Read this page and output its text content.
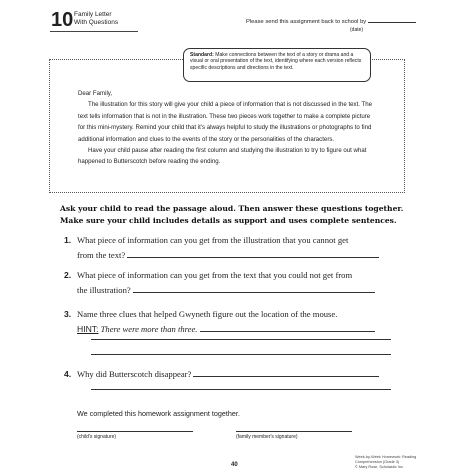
10 Family Letter
With Questions	Please send this assignment back to school by
(date)
Standard: Make connections between the text of a story or drama and a visual or oral presentation of the text, identifying where each version reflects specific descriptions and directions in the text.

Dear Family,

The illustration for this story will give your child a piece of information that is not discussed in the text. The text tells information that is not in the illustration. These two pieces work together to make a complete picture for this mini-mystery. Remind your child that it's always helpful to study the illustrations or photographs to find additional information and clues to the events of the story or the personalities of the characters.

Have your child pause after reading the first column and studying the illustration to try to figure out what happened to Butterscotch before reading the ending.

Ask your child to read the passage aloud. Then answer these questions together.
Make sure your child includes details as support and uses complete sentences.
1. What piece of information can you get from the illustration that you cannot get
from the text?
2. What piece of information can you get from the text that you could not get from
the illustration?
3. Name three clues that helped Gwyneth figure out the location of the mouse.
HINT: There were more than three.
4. Why did Butterscotch disappear?
We completed this homework assignment together.
(child's signature)	(family member's signature)
40
Week-by-Week Homework: Reading Comprehension (Grade 3)
© Mary Rose, Scholastic Inc.
